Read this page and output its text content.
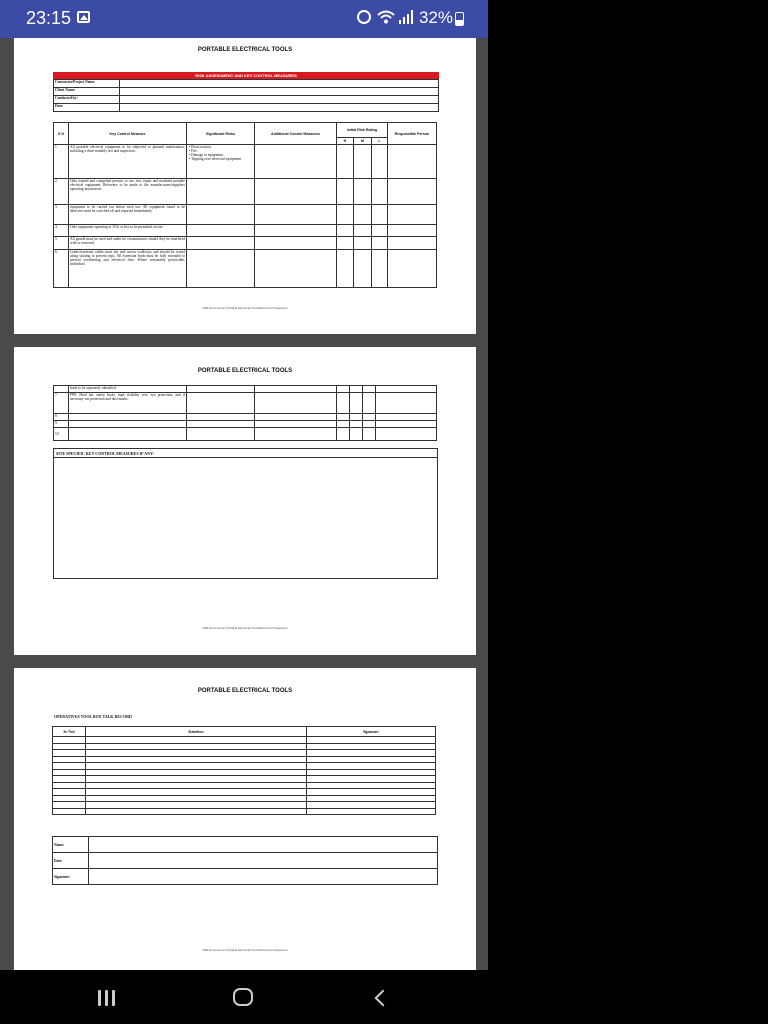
23:15	32%
PORTABLE ELECTRICAL TOOLS
RISK ASSESSMENT AND KEY CONTROL MEASURES
Contractor/Project Name:	
Client Name:	
Conducted by:	
Date:	
S N	Key Control Measure	Significant Risks	Additional Control Measures	Initial Risk Rating			Responsible Person
				H	M	L	
1.	All portable electrical equipment to be subjected to planned maintenance, including a three monthly test and inspection.	• Electrocution.
• Fire.
• Damage to equipment.
• Tripping over electrical equipment					

2.	Only trained and competent persons to use, test, repair and maintain portable electrical equipment. Reference to be made to the manufacturers/suppliers operating instructions.						
3.	equipment to be carried out before each use. All equipment found to be defective must be switched off and reported immediately.						
4.	Only equipment operating at 110v or less to be permitted on site.						
5.	All guards must be used and under no circumstances should they be interfered with or removed.						
6.	Leads/extension cables must not trail across walkways and should be routed along skirting to prevent trips. All extension leads must be fully extended to prevent overheating and electrical fires. Where reasonably practicable, individual						
FBE Documents/ Portable Electrical Tools/RA/Control Measures
PORTABLE ELECTRICAL TOOLS
	leads to be separately identified.						
7.	PPE: Hard hat, safety boots, high visibility vest, eye protection, and if necessary ear protection and dust masks.						
8.							
9.							
10.							
SITE SPECIFIC KEY CONTROL MEASURES IF ANY:
FBE Documents/ Portable Electrical Tools/RA/Control Measures
PORTABLE ELECTRICAL TOOLS
OPERATIVES TOOL BOX TALK RECORD
Sr. No#	Attendees:	Signature:

Name:	
Date:	
Signature:	
FBE Documents/ Portable Electrical Tools/RA/Control Measures
